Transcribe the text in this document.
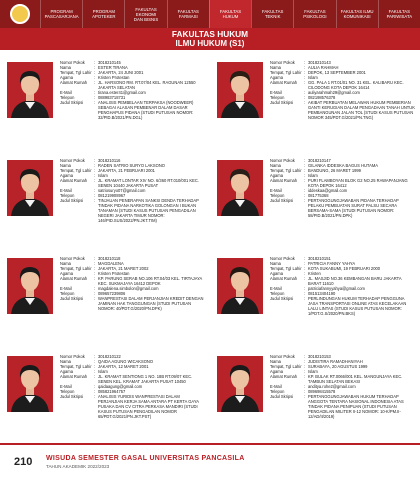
PROGRAM
PASCASARJANA
PROGRAM
APOTEKER
FAKULTAS EKONOMI
DAN BISNIS
FAKULTAS
FARMASI
FAKULTAS
HUKUM
FAKULTAS
TEKNIK
FAKULTAS
PSIKOLOGI
FAKULTAS ILMU
KOMUNIKASI
FAKULTAS
PARIWISATA
FAKULTAS HUKUM
ILMU HUKUM (S1)
Nomor Pokok	: 3018210145
Nama	: ESTER TIRANA
Tempat, Tgl Lahir : JAKARTA, 24 JUNI 2001
Agama	: Kristen Protestan
Alamat Rumah	: JL. HARSONO RM. RT.07/04 KEL. RAGUNAN 12550 JAKARTA SELATAN
E-Mail	: tirana.ester41@gmail.com
Telepon	: 088983718731
Judul Skripsi	: ANALISIS PEMBELAAN TERPAKSA (NOODWEER) SEBAGAI ALASAN PEMBENAR DALAM DASAR PENGHAPUS PIDANA (STUDI PUTUSAN NOMOR: 32/PID.B/2021/PN.DGL)
Nomor Pokok	: 3018210143
Nama	: AULIA RAHMAH
Tempat, Tgl Lahir : DEPOK, 13 SEPTEMBER 2001
Agama	: Islam
Alamat Rumah	: GG. PALA 1 RT.01/01 NO. 31 KEL. KALIBARU KEC. CILODONG KOTA DEPOK 16414
E-Mail	: auliyarahmah29@gmail.com
Telepon	: 082198576378
Judul Skripsi	: AKIBAT PERBUATAN MELAWAN HUKUM PEMBERIAN GANTI KERUGIAN DALAM PENGADAAN TANAH UNTUK PEMBANGUNAN JALAN TOL (STUDI KASUS PUTUSAN NOMOR 345/PDT.G/2021/PN.TNG)
Nomor Pokok	: 3018210116
Nama	: RADEN SATRIO SURYO LAKSONO
Tempat, Tgl Lahir : JAKARTA, 21 FEBRUARI 2001
Agama	: Islam
Alamat Rumah	: JL. KRAMAT LONTAR XIV NO. 6/360 RT.010/001 KEC. SENEN 10440 JAKARTA PUSAT
E-Mail	: satriosuryo07@gmail.com
Telepon	: 081219908967
Judul Skripsi	: TINJAUAN PENERAPAN SANKSI DENDA TERHADAP TINDAK PIDANA NARKOTIKA GOLONGAN I BUKAN TANAMAN (STUDI KASUS PUTUSAN PENGADILAN NEGERI JAKARTA TIMUR NOMOR: 146/PID.SUS/2022/PN.JKT.TIM)
Nomor Pokok	: 3018210147
Nama	: GILANKA IDDESKA BAGUS HUTAMA
Tempat, Tgl Lahir : BANDUNG, 26 MARET 1999
Agama	: Islam
Alamat Rumah	: PURI FLAMBOYAN BLOK G2 NO.25 RAWAPANJANG KOTA DEPOK 16412
E-Mail	: iddeskaa@gmail.com
Telepon	: 081775368
Judul Skripsi	: PERTANGGUNGJAWABAN PIDANA TERHADAP PELAKU PEMBUATAN SURAT PALSU SECARA BERSAMA-SAMA (STUDI PUTUSAN NOMOR: 58/PID.B/2021/PN.DPK)
Nomor Pokok	: 3018210118
Nama	: MAGDALENA
Tempat, Tgl Lahir : JAKARTA, 21 MARET 2002
Agama	: Kristen Protestan
Alamat Rumah	: KP. PARUNG SERAB NO.106 RT.04/03 KEL. TIRTAJAYA KEC. SUKMAJAYA 16412 DEPOK
E-Mail	: magdalena.simbolon@gmail.com
Telepon	: 089657239806
Judul Skripsi	: WANPRESTASI DALAM PERJANJIAN KREDIT DENGAN JAMINAN HAK TANGGUNGAN (STUDI PUTUSAN NOMOR: 40/PDT.G/2020/PN.DPK)
Nomor Pokok	: 3018210151
Nama	: PATRICIA FANNY YAHYA
Tempat, Tgl Lahir : KOTA SUKABUMI, 19 FEBRUARI 2000
Agama	: Kristen
Alamat Rumah	: JL. MASJID NO.36 KEMBANGAN BARU JAKARTA BARAT 11610
E-Mail	: patriciafannyyahya@gmail.com
Telepon	: 081513404190
Judul Skripsi	: PERLINDUNGAN HUKUM TERHADAP PENGGUNA JASA TRANSPORTASI ONLINE ATAS KECELAKAAN LALU LINTAS (STUDI KASUS PUTUSAN NOMOR: 1/PDT.G.S/2020/PN.BKS)
Nomor Pokok	: 3018210122
Nama	: QAIDA AGUNG WICAKSONO
Tempat, Tgl Lahir : JAKARTA, 12 MARET 2001
Agama	: Islam
Alamat Rumah	: JL. KRAMAT SENTIONG 1 NO. 18B RT.09/07 KEC. SENEN KEL. KRAMAT JAKARTA PUSAT 10450
E-Mail	: qaidaagung@gmail.com
Telepon	: 085821964757
Judul Skripsi	: ANALISIS YURIDIS WANPRESTASI DALAM PERJANJIAN KERJA SAMA ANTARA PT KERTA GAYA PUSAKA DAN CV CITRA PERKASA MANDIRI (STUDI KASUS PUTUSAN PENGADILAN NOMOR 65/PDT.G/2021/PN.JKT.PST)
Nomor Pokok	: 3018210153
Nama	: JUDISTIRA RAMADHANIYAH
Tempat, Tgl Lahir : SURABAYA, 20 AGUSTUS 1999
Agama	: Islam
Alamat Rumah	: KP. BULAK RT.0066/001 KEL. MANGUNJAYA KEC. TAMBUN SELATAN BEKASI
E-Mail	: anditya.rohe2@gmail.com
Telepon	: 089698415578
Judul Skripsi	: PERTANGGUNGJAWABAN HUKUM TERHADAP ANGGOTA TENTARA NASIONAL INDONESIA ATAS TINDAK PIDANA PENIPUAN (STUDI PUTUSAN PENGADILAN MILITER II-12 NOMOR: 10-K/PM.II-12/AD/II/2019)
210 WISUDA SEMESTER GASAL UNIVERSITAS PANCASILA
TAHUN AKADEMIK 2022/2023
